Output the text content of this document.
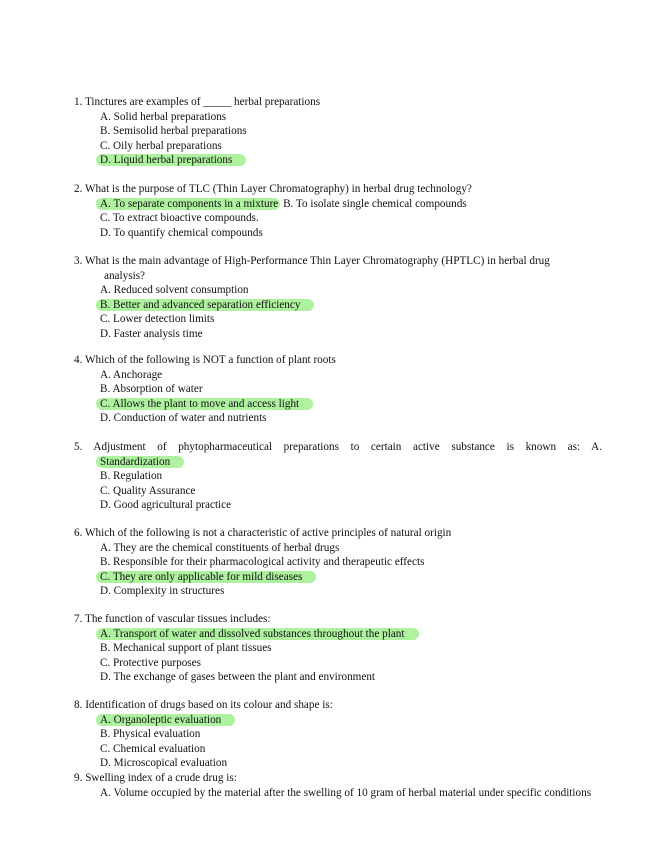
1. Tinctures are examples of _____ herbal preparations
A. Solid herbal preparations
B. Semisolid herbal preparations
C. Oily herbal preparations
D. Liquid herbal preparations
2. What is the purpose of TLC (Thin Layer Chromatography) in herbal drug technology?
A. To separate components in a mixture B. To isolate single chemical compounds
C. To extract bioactive compounds.
D. To quantify chemical compounds
3. What is the main advantage of High-Performance Thin Layer Chromatography (HPTLC) in herbal drug
analysis?
A. Reduced solvent consumption
B. Better and advanced separation efficiency
C. Lower detection limits
D. Faster analysis time
4. Which of the following is NOT a function of plant roots
A. Anchorage
B. Absorption of water
C. Allows the plant to move and access light
D. Conduction of water and nutrients
5. Adjustment of phytopharmaceutical preparations to certain active substance is known as: A.
Standardization
B. Regulation
C. Quality Assurance
D. Good agricultural practice
6. Which of the following is not a characteristic of active principles of natural origin
A. They are the chemical constituents of herbal drugs
B. Responsible for their pharmacological activity and therapeutic effects
C. They are only applicable for mild diseases
D. Complexity in structures
7. The function of vascular tissues includes:
A. Transport of water and dissolved substances throughout the plant
B. Mechanical support of plant tissues
C. Protective purposes
D. The exchange of gases between the plant and environment
8. Identification of drugs based on its colour and shape is:
A. Organoleptic evaluation
B. Physical evaluation
C. Chemical evaluation
D. Microscopical evaluation
9. Swelling index of a crude drug is:
A. Volume occupied by the material after the swelling of 10 gram of herbal material under specific conditions
